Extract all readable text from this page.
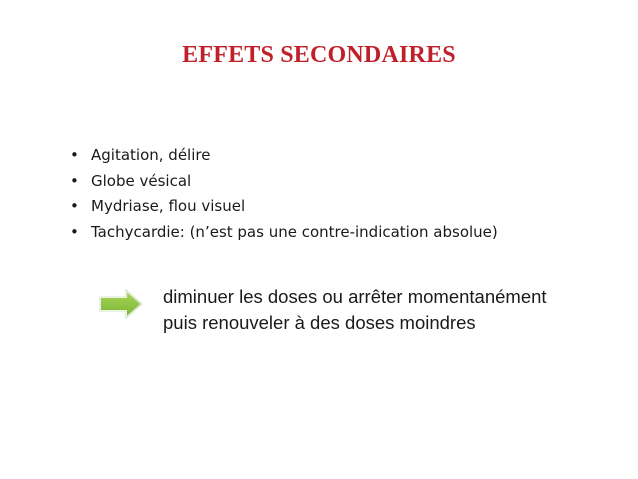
EFFETS SECONDAIRES
• Agitation, délire
• Globe vésical
• Mydriase, flou visuel
• Tachycardie: (n’est pas une contre-indication absolue)
diminuer les doses ou arrêter momentanément
puis renouveler à des doses moindres
